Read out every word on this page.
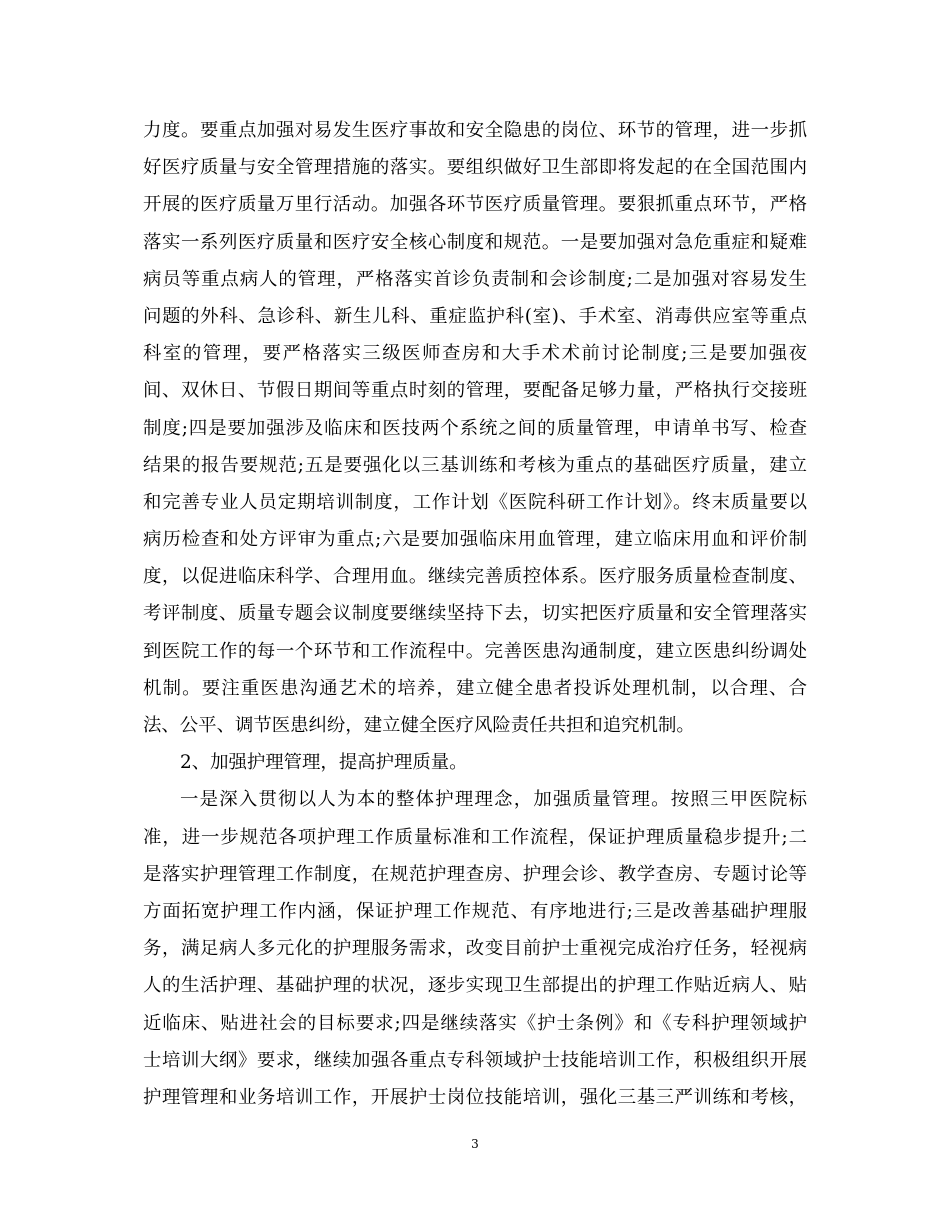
力度。要重点加强对易发生医疗事故和安全隐患的岗位、环节的管理，进一步抓
好医疗质量与安全管理措施的落实。要组织做好卫生部即将发起的在全国范围内
开展的医疗质量万里行活动。加强各环节医疗质量管理。要狠抓重点环节，严格
落实一系列医疗质量和医疗安全核心制度和规范。一是要加强对急危重症和疑难
病员等重点病人的管理，严格落实首诊负责制和会诊制度;二是加强对容易发生
问题的外科、急诊科、新生儿科、重症监护科(室)、手术室、消毒供应室等重点
科室的管理，要严格落实三级医师查房和大手术术前讨论制度;三是要加强夜
间、双休日、节假日期间等重点时刻的管理，要配备足够力量，严格执行交接班
制度;四是要加强涉及临床和医技两个系统之间的质量管理，申请单书写、检查
结果的报告要规范;五是要强化以三基训练和考核为重点的基础医疗质量，建立
和完善专业人员定期培训制度，工作计划《医院科研工作计划》。终末质量要以
病历检查和处方评审为重点;六是要加强临床用血管理，建立临床用血和评价制
度，以促进临床科学、合理用血。继续完善质控体系。医疗服务质量检查制度、
考评制度、质量专题会议制度要继续坚持下去，切实把医疗质量和安全管理落实
到医院工作的每一个环节和工作流程中。完善医患沟通制度，建立医患纠纷调处
机制。要注重医患沟通艺术的培养，建立健全患者投诉处理机制，以合理、合
法、公平、调节医患纠纷，建立健全医疗风险责任共担和追究机制。
2、加强护理管理，提高护理质量。
一是深入贯彻以人为本的整体护理理念，加强质量管理。按照三甲医院标
准，进一步规范各项护理工作质量标准和工作流程，保证护理质量稳步提升;二
是落实护理管理工作制度，在规范护理查房、护理会诊、教学查房、专题讨论等
方面拓宽护理工作内涵，保证护理工作规范、有序地进行;三是改善基础护理服
务，满足病人多元化的护理服务需求，改变目前护士重视完成治疗任务，轻视病
人的生活护理、基础护理的状况，逐步实现卫生部提出的护理工作贴近病人、贴
近临床、贴进社会的目标要求;四是继续落实《护士条例》和《专科护理领域护
士培训大纲》要求，继续加强各重点专科领域护士技能培训工作，积极组织开展
护理管理和业务培训工作，开展护士岗位技能培训，强化三基三严训练和考核，
3
